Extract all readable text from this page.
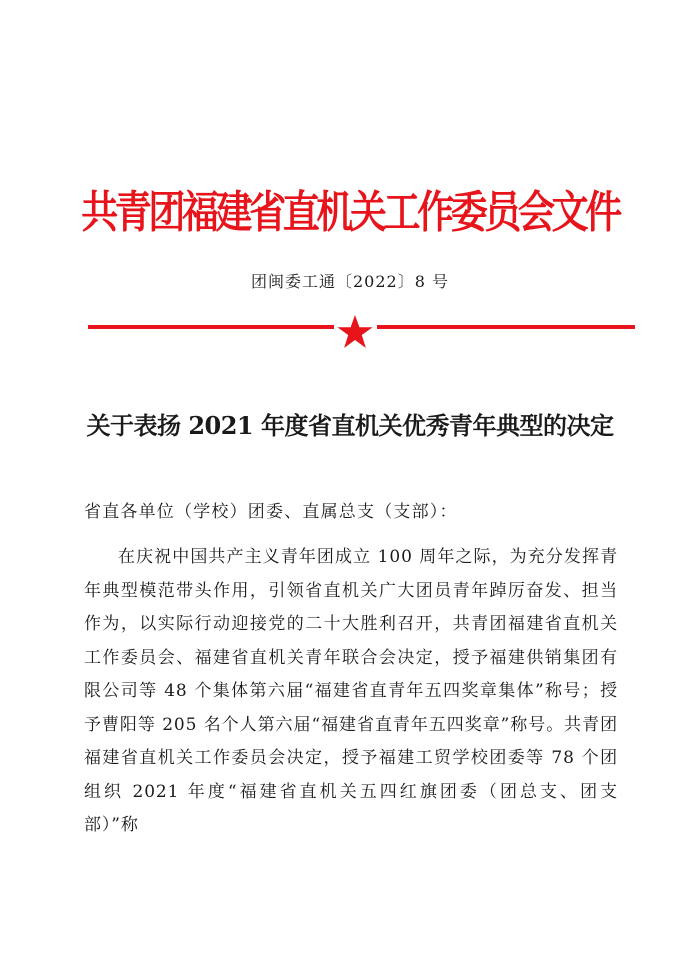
共青团福建省直机关工作委员会文件
团闽委工通〔2022〕8 号
关于表扬 2021 年度省直机关优秀青年典型的决定
省直各单位（学校）团委、直属总支（支部）：

在庆祝中国共产主义青年团成立 100 周年之际，为充分发挥青年典型模范带头作用，引领省直机关广大团员青年踔厉奋发、担当作为，以实际行动迎接党的二十大胜利召开，共青团福建省直机关工作委员会、福建省直机关青年联合会决定，授予福建供销集团有限公司等 48 个集体第六届“福建省直青年五四奖章集体”称号；授予曹阳等 205 名个人第六届“福建省直青年五四奖章”称号。共青团福建省直机关工作委员会决定，授予福建工贸学校团委等 78 个团组织 2021 年度“福建省直机关五四红旗团委（团总支、团支部）”称
